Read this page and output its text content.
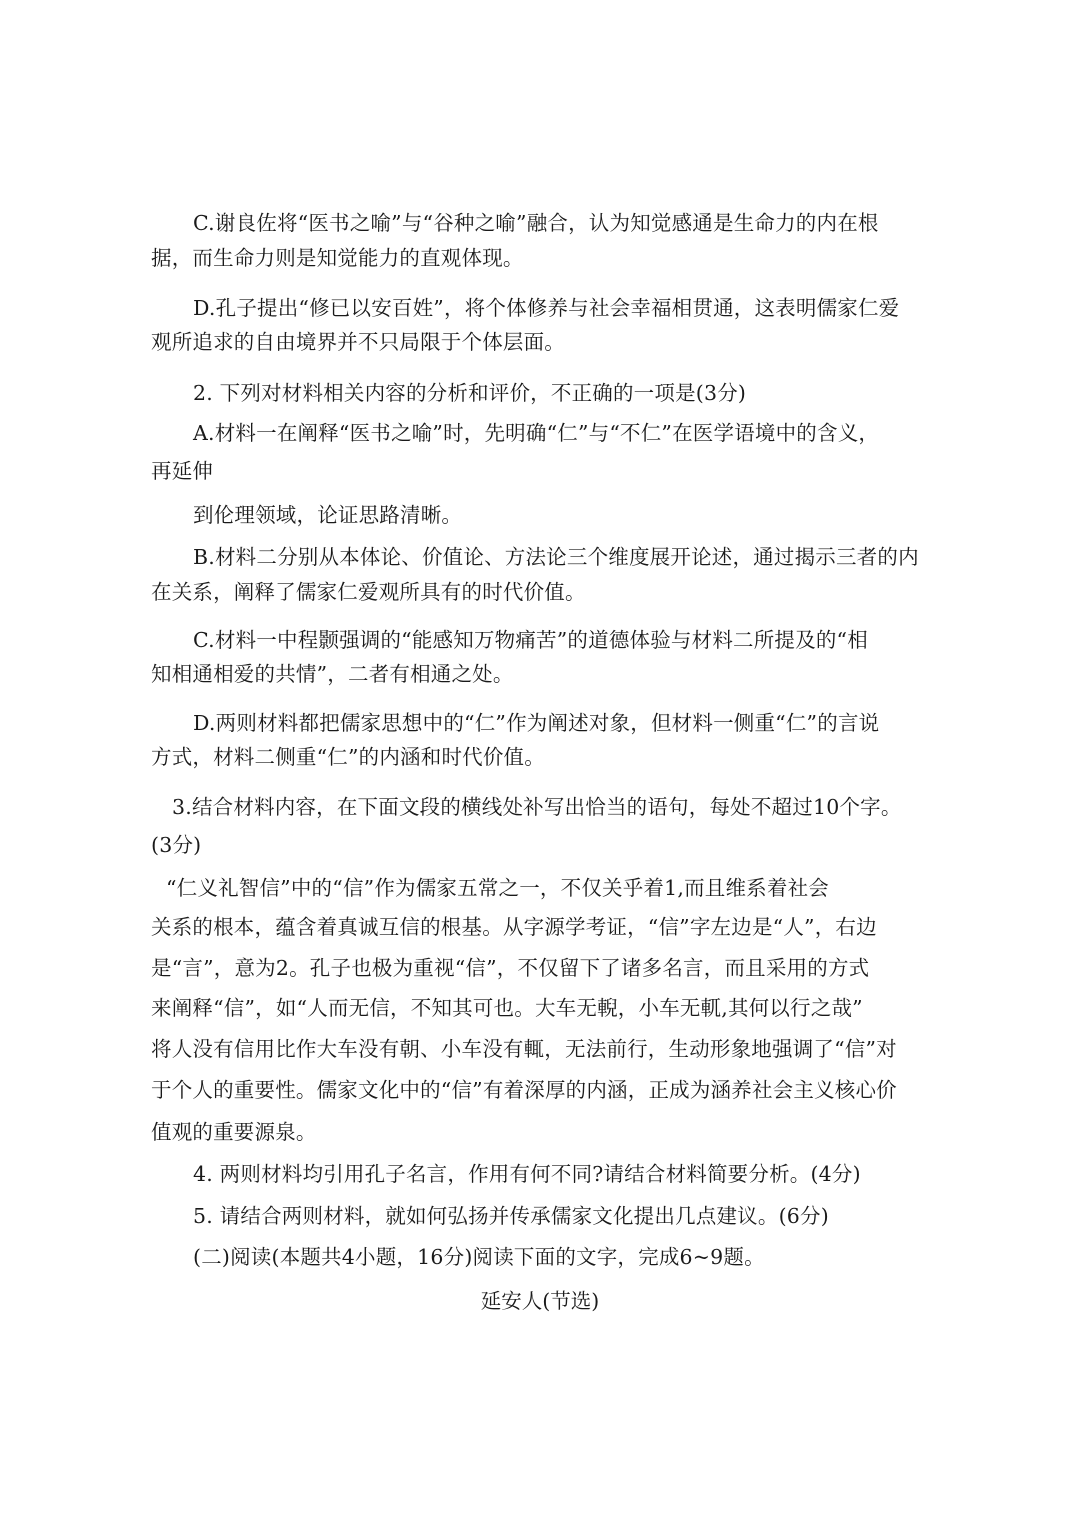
C.谢良佐将“医书之喻”与“谷种之喻”融合，认为知觉感通是生命力的内在根
据，而生命力则是知觉能力的直观体现。
D.孔子提出“修已以安百姓”，将个体修养与社会幸福相贯通，这表明儒家仁爱
观所追求的自由境界并不只局限于个体层面。
2. 下列对材料相关内容的分析和评价，不正确的一项是(3分)
A.材料一在阐释“医书之喻”时，先明确“仁”与“不仁”在医学语境中的含义，
再延伸
到伦理领域，论证思路清晰。
B.材料二分别从本体论、价值论、方法论三个维度展开论述，通过揭示三者的内
在关系，阐释了儒家仁爱观所具有的时代价值。
C.材料一中程颢强调的“能感知万物痛苦”的道德体验与材料二所提及的“相
知相通相爱的共情”，二者有相通之处。
D.两则材料都把儒家思想中的“仁”作为阐述对象，但材料一侧重“仁”的言说
方式，材料二侧重“仁”的内涵和时代价值。
3.结合材料内容，在下面文段的横线处补写出恰当的语句，每处不超过10个字。
(3分)
“仁义礼智信”中的“信”作为儒家五常之一，不仅关乎着1,而且维系着社会
关系的根本，蕴含着真诚互信的根基。从字源学考证，“信”字左边是“人”，右边
是“言”，意为2。孔子也极为重视“信”，不仅留下了诸多名言，而且采用的方式
来阐释“信”，如“人而无信，不知其可也。大车无輗，小车无軏,其何以行之哉”
将人没有信用比作大车没有朝、小车没有輒，无法前行，生动形象地强调了“信”对
于个人的重要性。儒家文化中的“信”有着深厚的内涵，正成为涵养社会主义核心价
值观的重要源泉。
4. 两则材料均引用孔子名言，作用有何不同?请结合材料简要分析。(4分)
5. 请结合两则材料，就如何弘扬并传承儒家文化提出几点建议。(6分)
(二)阅读(本题共4小题，16分)阅读下面的文字，完成6~9题。
延安人(节选)
